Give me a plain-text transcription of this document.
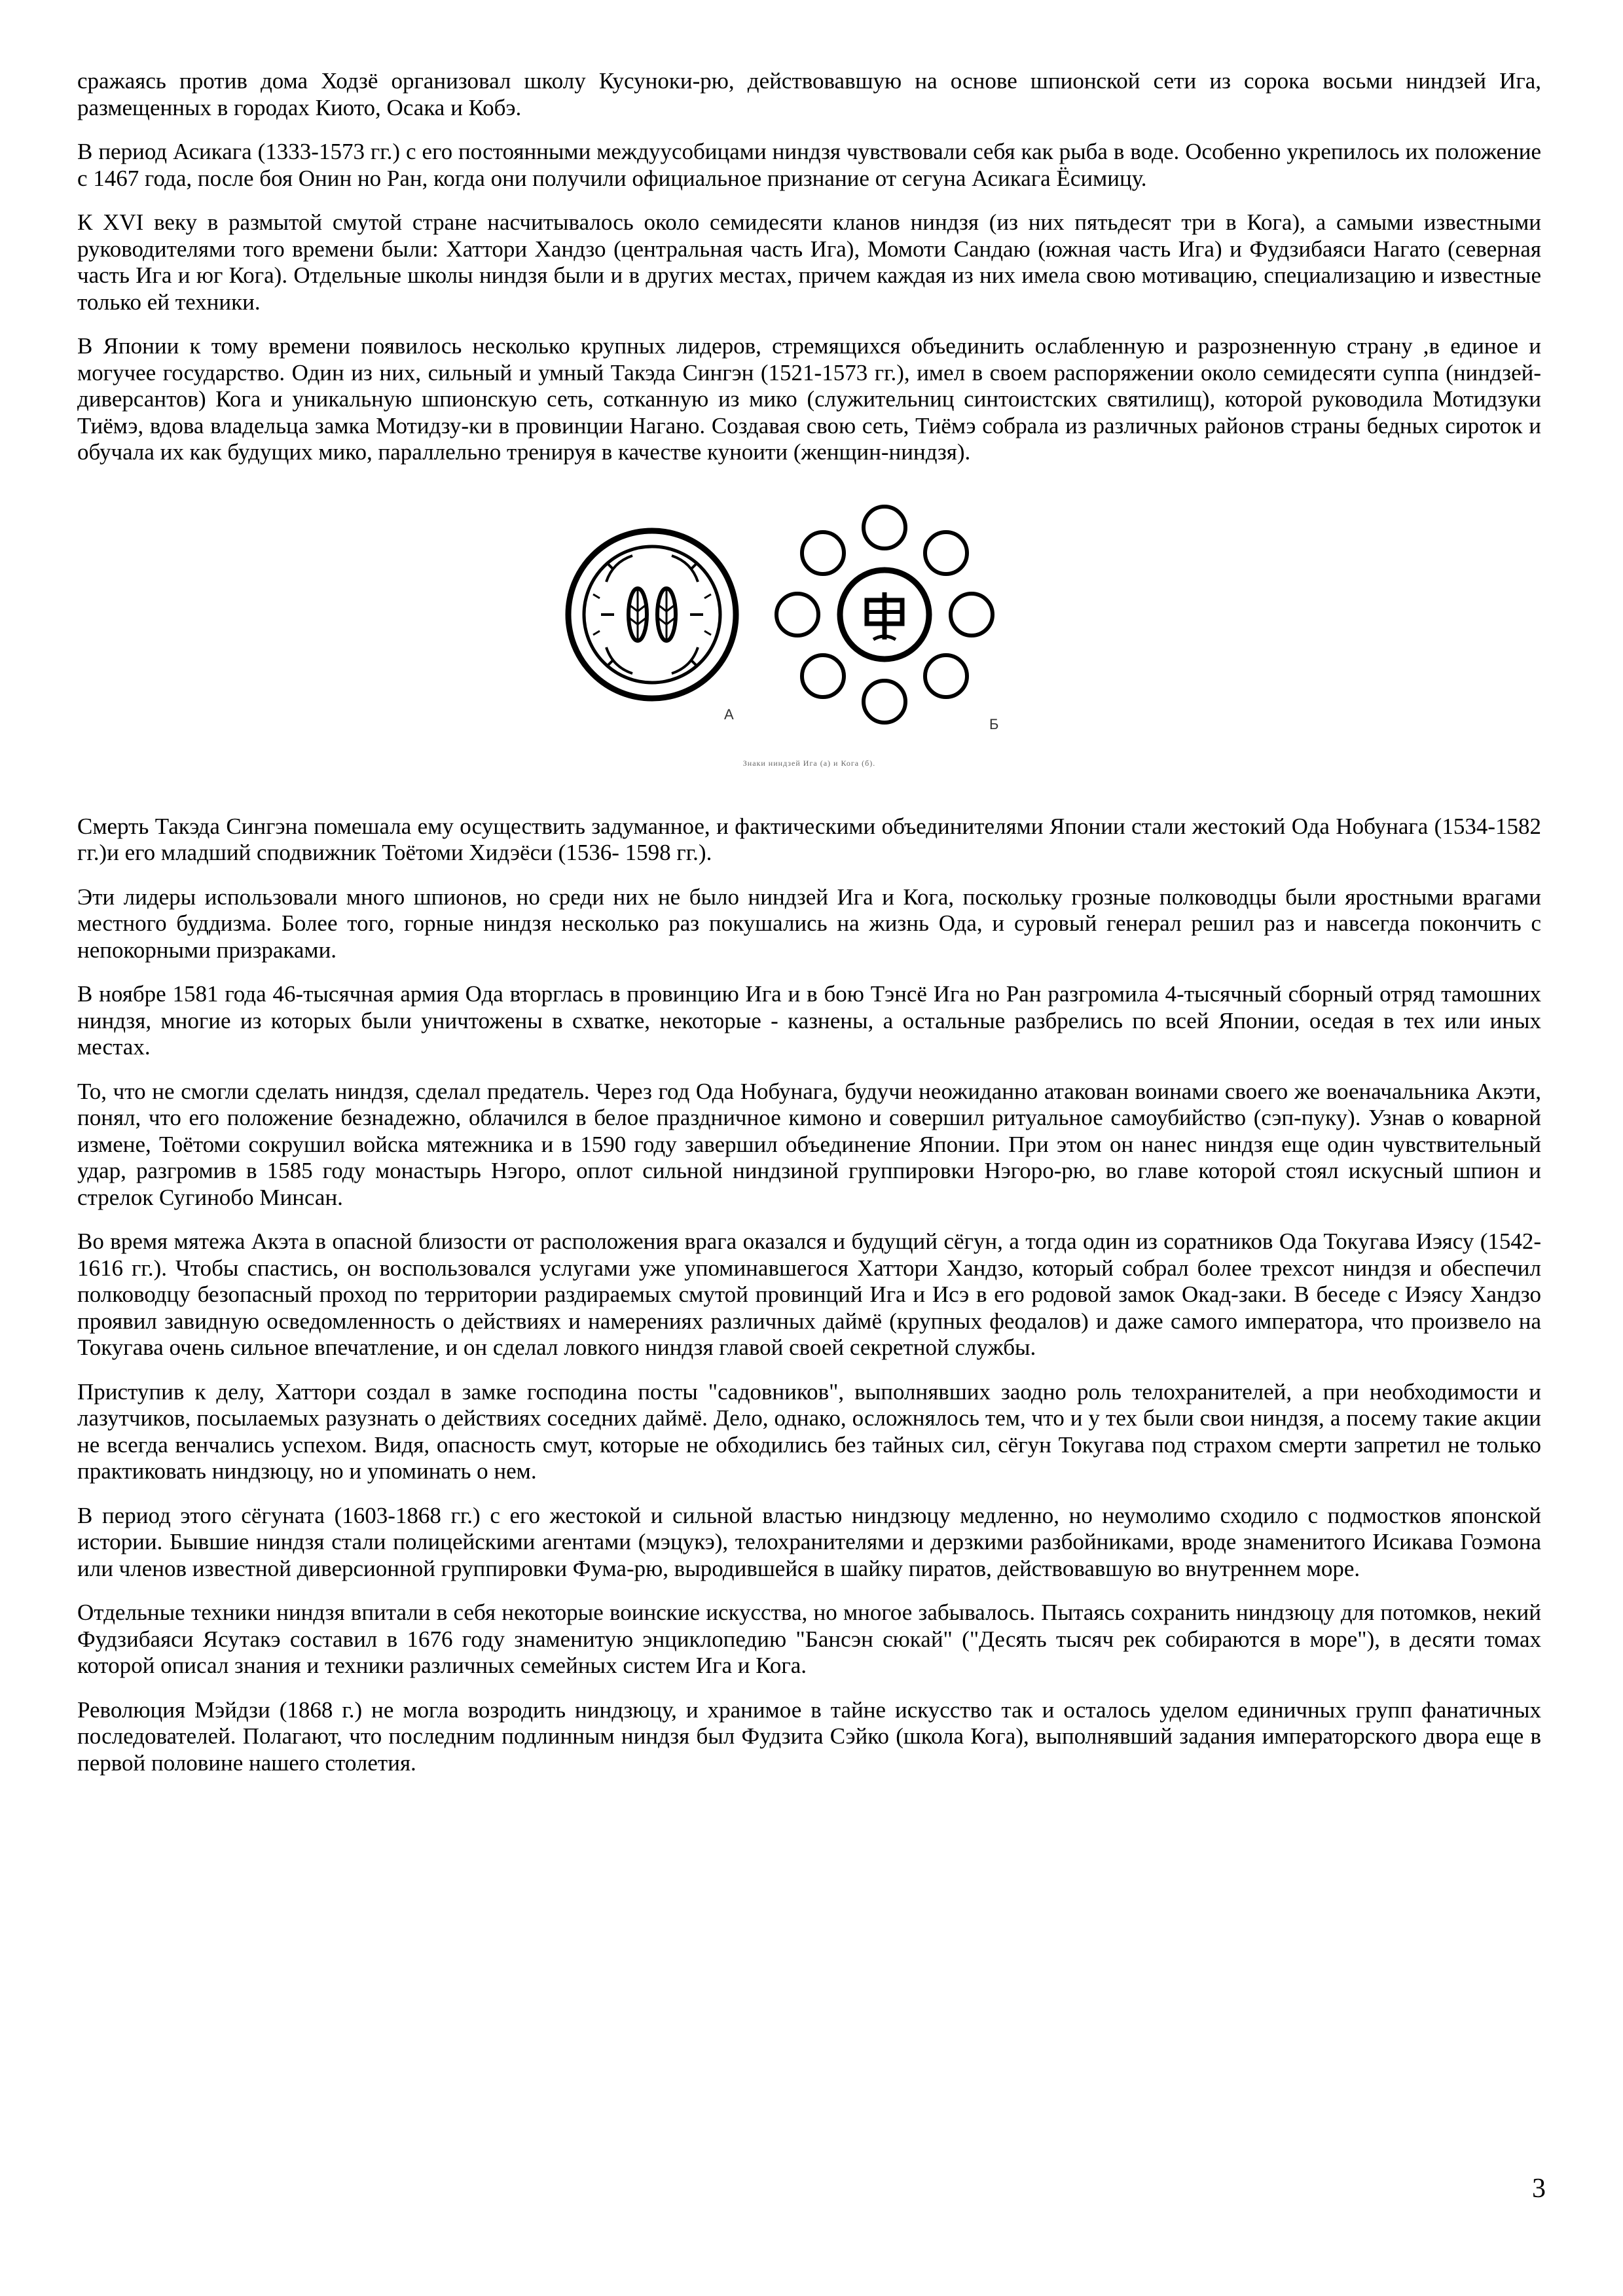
сражаясь против дома Ходзё организовал школу Кусуноки-рю, действовавшую на основе шпионской сети из сорока восьми ниндзей Ига, размещенных в городах Киото, Осака и Кобэ.

В период Асикага (1333-1573 гг.) с его постоянными междуусобицами ниндзя чувствовали себя как рыба в воде. Особенно укрепилось их положение с 1467 года, после боя Онин но Ран, когда они получили официальное признание от сегуна Асикага Ёсимицу.

К XVI веку в размытой смутой стране насчитывалось около семидесяти кланов ниндзя (из них пятьдесят три в Кога), а самыми известными руководителями того времени были: Хаттори Хандзо (центральная часть Ига), Момоти Сандаю (южная часть Ига) и Фудзибаяси Нагато (северная часть Ига и юг Кога). Отдельные школы ниндзя были и в других местах, причем каждая из них имела свою мотивацию, специализацию и известные только ей техники.

В Японии к тому времени появилось несколько крупных лидеров, стремящихся объединить ослабленную и разрозненную страну ,в единое и могучее государство. Один из них, сильный и умный Такэда Сингэн (1521-1573 гг.), имел в своем распоряжении около семидесяти суппа (ниндзей-диверсантов) Кога и уникальную шпионскую сеть, сотканную из мико (служительниц синтоистских святилищ), которой руководила Мотидзуки Тиёмэ, вдова владельца замка Мотидзу-ки в провинции Нагано. Создавая свою сеть, Тиёмэ собрала из различных районов страны бедных сироток и обучала их как будущих мико, параллельно тренируя в качестве куноити (женщин-ниндзя).

А
Б
Знаки ниндзей Ига (а) и Кога (б).

Смерть Такэда Сингэна помешала ему осуществить задуманное, и фактическими объединителями Японии стали жестокий Ода Нобунага (1534-1582 гг.)и его младший сподвижник Тоётоми Хидэёси (1536- 1598 гг.).

Эти лидеры использовали много шпионов, но среди них не было ниндзей Ига и Кога, поскольку грозные полководцы были яростными врагами местного буддизма. Более того, горные ниндзя несколько раз покушались на жизнь Ода, и суровый генерал решил раз и навсегда покончить с непокорными призраками.

В ноябре 1581 года 46-тысячная армия Ода вторглась в провинцию Ига и в бою Тэнсё Ига но Ран разгромила 4-тысячный сборный отряд тамошних ниндзя, многие из которых были уничтожены в схватке, некоторые - казнены, а остальные разбрелись по всей Японии, оседая в тех или иных местах.

То, что не смогли сделать ниндзя, сделал предатель. Через год Ода Нобунага, будучи неожиданно атакован воинами своего же военачальника Акэти, понял, что его положение безнадежно, облачился в белое праздничное кимоно и совершил ритуальное самоубийство (сэп-пуку). Узнав о коварной измене, Тоётоми сокрушил войска мятежника и в 1590 году завершил объединение Японии. При этом он нанес ниндзя еще один чувствительный удар, разгромив в 1585 году монастырь Нэгоро, оплот сильной ниндзиной группировки Нэгоро-рю, во главе которой стоял искусный шпион и стрелок Сугинобо Минсан.

Во время мятежа Акэта в опасной близости от расположения врага оказался и будущий сёгун, а тогда один из соратников Ода Токугава Иэясу (1542-1616 гг.). Чтобы спастись, он воспользовался услугами уже упоминавшегося Хаттори Хандзо, который собрал более трехсот ниндзя и обеспечил полководцу безопасный проход по территории раздираемых смутой провинций Ига и Исэ в его родовой замок Окад-заки. В беседе с Иэясу Хандзо проявил завидную осведомленность о действиях и намерениях различных даймё (крупных феодалов) и даже самого императора, что произвело на Токугава очень сильное впечатление, и он сделал ловкого ниндзя главой своей секретной службы.

Приступив к делу, Хаттори создал в замке господина посты "садовников", выполнявших заодно роль телохранителей, а при необходимости и лазутчиков, посылаемых разузнать о действиях соседних даймё. Дело, однако, осложнялось тем, что и у тех были свои ниндзя, а посему такие акции не всегда венчались успехом. Видя, опасность смут, которые не обходились без тайных сил, сёгун Токугава под страхом смерти запретил не только практиковать ниндзюцу, но и упоминать о нем.

В период этого сёгуната (1603-1868 гг.) с его жестокой и сильной властью ниндзюцу медленно, но неумолимо сходило с подмостков японской истории. Бывшие ниндзя стали полицейскими агентами (мэцукэ), телохранителями и дерзкими разбойниками, вроде знаменитого Исикава Гоэмона или членов известной диверсионной группировки Фума-рю, выродившейся в шайку пиратов, действовавшую во внутреннем море.

Отдельные техники ниндзя впитали в себя некоторые воинские искусства, но многое забывалось. Пытаясь сохранить ниндзюцу для потомков, некий Фудзибаяси Ясутакэ составил в 1676 году знаменитую энциклопедию "Бансэн сюкай" ("Десять тысяч рек собираются в море"), в десяти томах которой описал знания и техники различных семейных систем Ига и Кога.

Революция Мэйдзи (1868 г.) не могла возродить ниндзюцу, и хранимое в тайне искусство так и осталось уделом единичных групп фанатичных последователей. Полагают, что последним подлинным ниндзя был Фудзита Сэйко (школа Кога), выполнявший задания императорского двора еще в первой половине нашего столетия.

3
